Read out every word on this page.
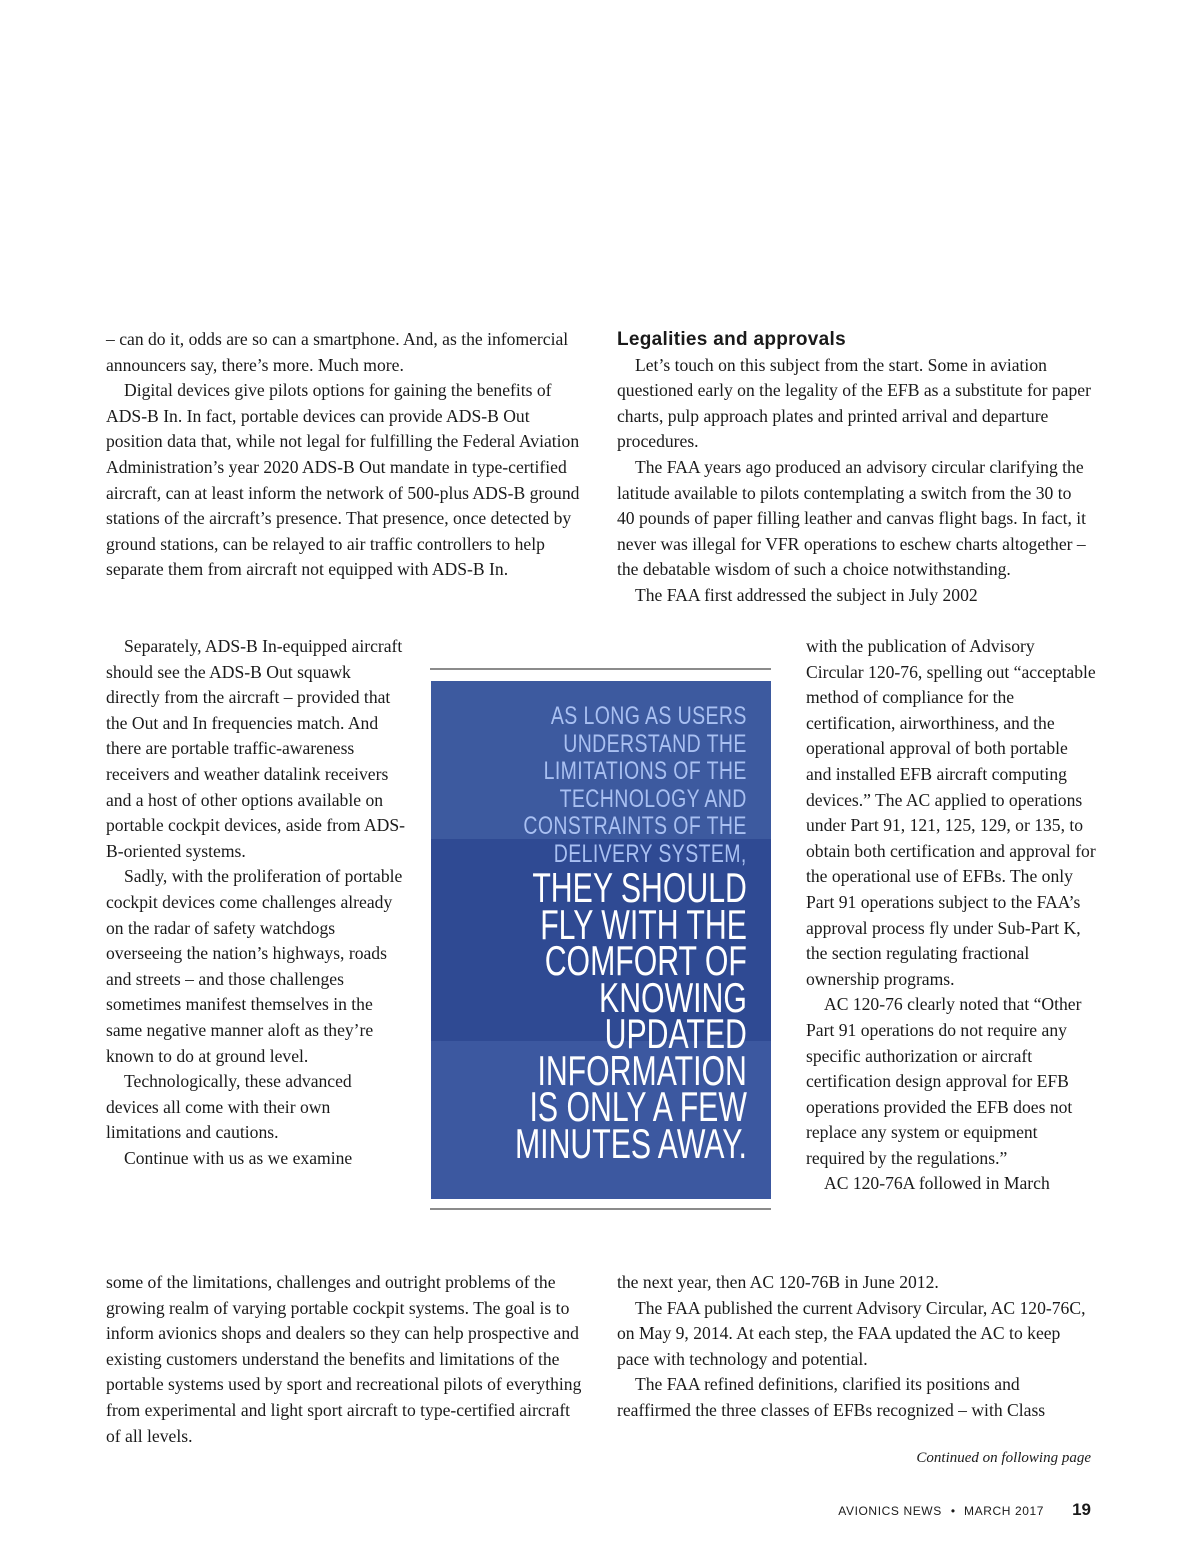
– can do it, odds are so can a smartphone. And, as the infomercial announcers say, there’s more. Much more.

Digital devices give pilots options for gaining the benefits of ADS-B In. In fact, portable devices can provide ADS-B Out position data that, while not legal for fulfilling the Federal Aviation Administration’s year 2020 ADS-B Out mandate in type-certified aircraft, can at least inform the network of 500-plus ADS-B ground stations of the aircraft’s presence. That presence, once detected by ground stations, can be relayed to air traffic controllers to help separate them from aircraft not equipped with ADS-B In.

Separately, ADS-B In-equipped aircraft should see the ADS-B Out squawk directly from the aircraft – provided that the Out and In frequencies match. And there are portable traffic-awareness receivers and weather datalink receivers and a host of other options available on portable cockpit devices, aside from ADS-B-oriented systems.

Sadly, with the proliferation of portable cockpit devices come challenges already on the radar of safety watchdogs overseeing the nation’s highways, roads and streets – and those challenges sometimes manifest themselves in the same negative manner aloft as they’re known to do at ground level.

Technologically, these advanced devices all come with their own limitations and cautions.

Continue with us as we examine

some of the limitations, challenges and outright problems of the growing realm of varying portable cockpit systems. The goal is to inform avionics shops and dealers so they can help prospective and existing customers understand the benefits and limitations of the portable systems used by sport and recreational pilots of everything from experimental and light sport aircraft to type-certified aircraft of all levels.

Legalities and approvals

Let’s touch on this subject from the start. Some in aviation questioned early on the legality of the EFB as a substitute for paper charts, pulp approach plates and printed arrival and departure procedures.

The FAA years ago produced an advisory circular clarifying the latitude available to pilots contemplating a switch from the 30 to 40 pounds of paper filling leather and canvas flight bags. In fact, it never was illegal for VFR operations to eschew charts altogether – the debatable wisdom of such a choice notwithstanding.

The FAA first addressed the subject in July 2002

with the publication of Advisory Circular 120-76, spelling out “acceptable method of compliance for the certification, airworthiness, and the operational approval of both portable and installed EFB aircraft computing devices.” The AC applied to operations under Part 91, 121, 125, 129, or 135, to obtain both certification and approval for the operational use of EFBs. The only Part 91 operations subject to the FAA’s approval process fly under Sub-Part K, the section regulating fractional ownership programs.

AC 120-76 clearly noted that “Other Part 91 operations do not require any specific authorization or aircraft certification design approval for EFB operations provided the EFB does not replace any system or equipment required by the regulations.”

AC 120-76A followed in March

the next year, then AC 120-76B in June 2012.

The FAA published the current Advisory Circular, AC 120-76C, on May 9, 2014. At each step, the FAA updated the AC to keep pace with technology and potential.

The FAA refined definitions, clarified its positions and reaffirmed the three classes of EFBs recognized – with Class

AS LONG AS USERS
UNDERSTAND THE
LIMITATIONS OF THE
TECHNOLOGY AND
CONSTRAINTS OF THE
DELIVERY SYSTEM,
THEY SHOULD
FLY WITH THE
COMFORT OF
KNOWING
UPDATED
INFORMATION
IS ONLY A FEW
MINUTES AWAY.
Continued on following page
AVIONICS NEWS • MARCH 2017 19
